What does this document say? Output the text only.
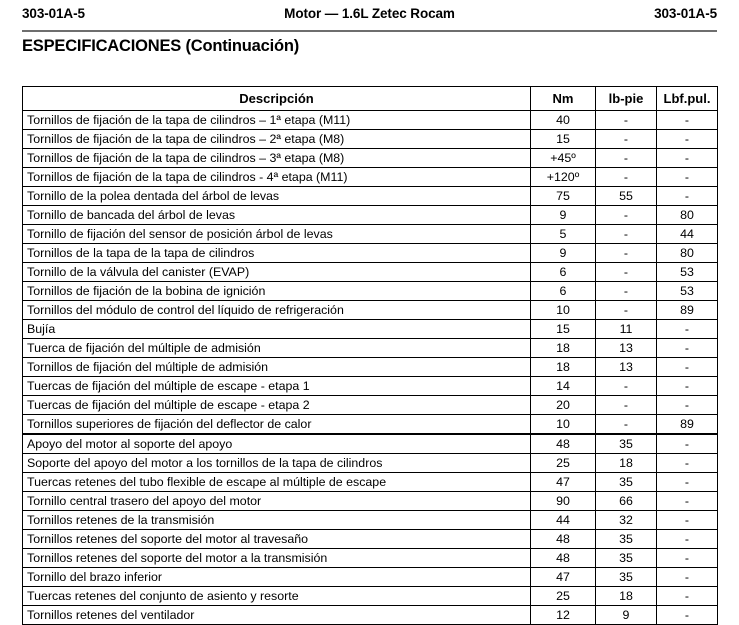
303-01A-5	Motor — 1.6L Zetec Rocam	303-01A-5
ESPECIFICACIONES (Continuación)
Descripción	Nm	lb-pie	Lbf.pul.
Tornillos de fijación de la tapa de cilindros – 1ª etapa (M11)	40	-	-
Tornillos de fijación de la tapa de cilindros – 2ª etapa (M8)	15	-	-
Tornillos de fijación de la tapa de cilindros – 3ª etapa (M8)	+45º	-	-
Tornillos de fijación de la tapa de cilindros - 4ª etapa (M11)	+120º	-	-
Tornillo de la polea dentada del árbol de levas	75	55	-
Tornillo de bancada del árbol de levas	9	-	80
Tornillo de fijación del sensor de posición árbol de levas	5	-	44
Tornillos de la tapa de la tapa de cilindros	9	-	80
Tornillo de la válvula del canister (EVAP)	6	-	53
Tornillos de fijación de la bobina de ignición	6	-	53
Tornillos del módulo de control del líquido de refrigeración	10	-	89
Bujía	15	11	-
Tuerca de fijación del múltiple de admisión	18	13	-
Tornillos de fijación del múltiple de admisión	18	13	-
Tuercas de fijación del múltiple de escape - etapa 1	14	-	-
Tuercas de fijación del múltiple de escape - etapa 2	20	-	-
Tornillos superiores de fijación del deflector de calor	10	-	89
Apoyo del motor al soporte del apoyo	48	35	-
Soporte del apoyo del motor a los tornillos de la tapa de cilindros	25	18	-
Tuercas retenes del tubo flexible de escape al múltiple de escape	47	35	-
Tornillo central trasero del apoyo del motor	90	66	-
Tornillos retenes de la transmisión	44	32	-
Tornillos retenes del soporte del motor al travesaño	48	35	-
Tornillos retenes del soporte del motor a la transmisión	48	35	-
Tornillo del brazo inferior	47	35	-
Tuercas retenes del conjunto de asiento y resorte	25	18	-
Tornillos retenes del ventilador	12	9	-
